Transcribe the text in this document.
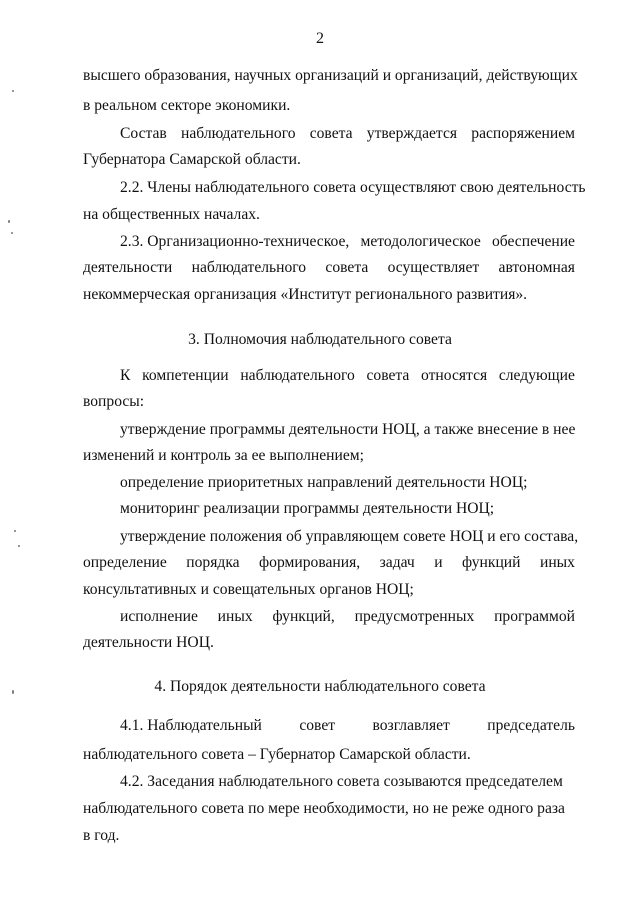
2
высшего образования, научных организаций и организаций, действующих
в реальном секторе экономики.
Состав наблюдательного совета утверждается распоряжением
Губернатора Самарской области.
2.2. Члены наблюдательного совета осуществляют свою деятельность
на общественных началах.
2.3. Организационно-техническое, методологическое обеспечение
деятельности наблюдательного совета осуществляет автономная
некоммерческая организация «Институт регионального развития».
3. Полномочия наблюдательного совета
К компетенции наблюдательного совета относятся следующие
вопросы:
утверждение программы деятельности НОЦ, а также внесение в нее
изменений и контроль за ее выполнением;
определение приоритетных направлений деятельности НОЦ;
мониторинг реализации программы деятельности НОЦ;
утверждение положения об управляющем совете НОЦ и его состава,
определение порядка формирования, задач и функций иных
консультативных и совещательных органов НОЦ;
исполнение иных функций, предусмотренных программой
деятельности НОЦ.
4. Порядок деятельности наблюдательного совета
4.1. Наблюдательный совет возглавляет председатель
наблюдательного совета – Губернатор Самарской области.
4.2. Заседания наблюдательного совета созываются председателем
наблюдательного совета по мере необходимости, но не реже одного раза
в год.
